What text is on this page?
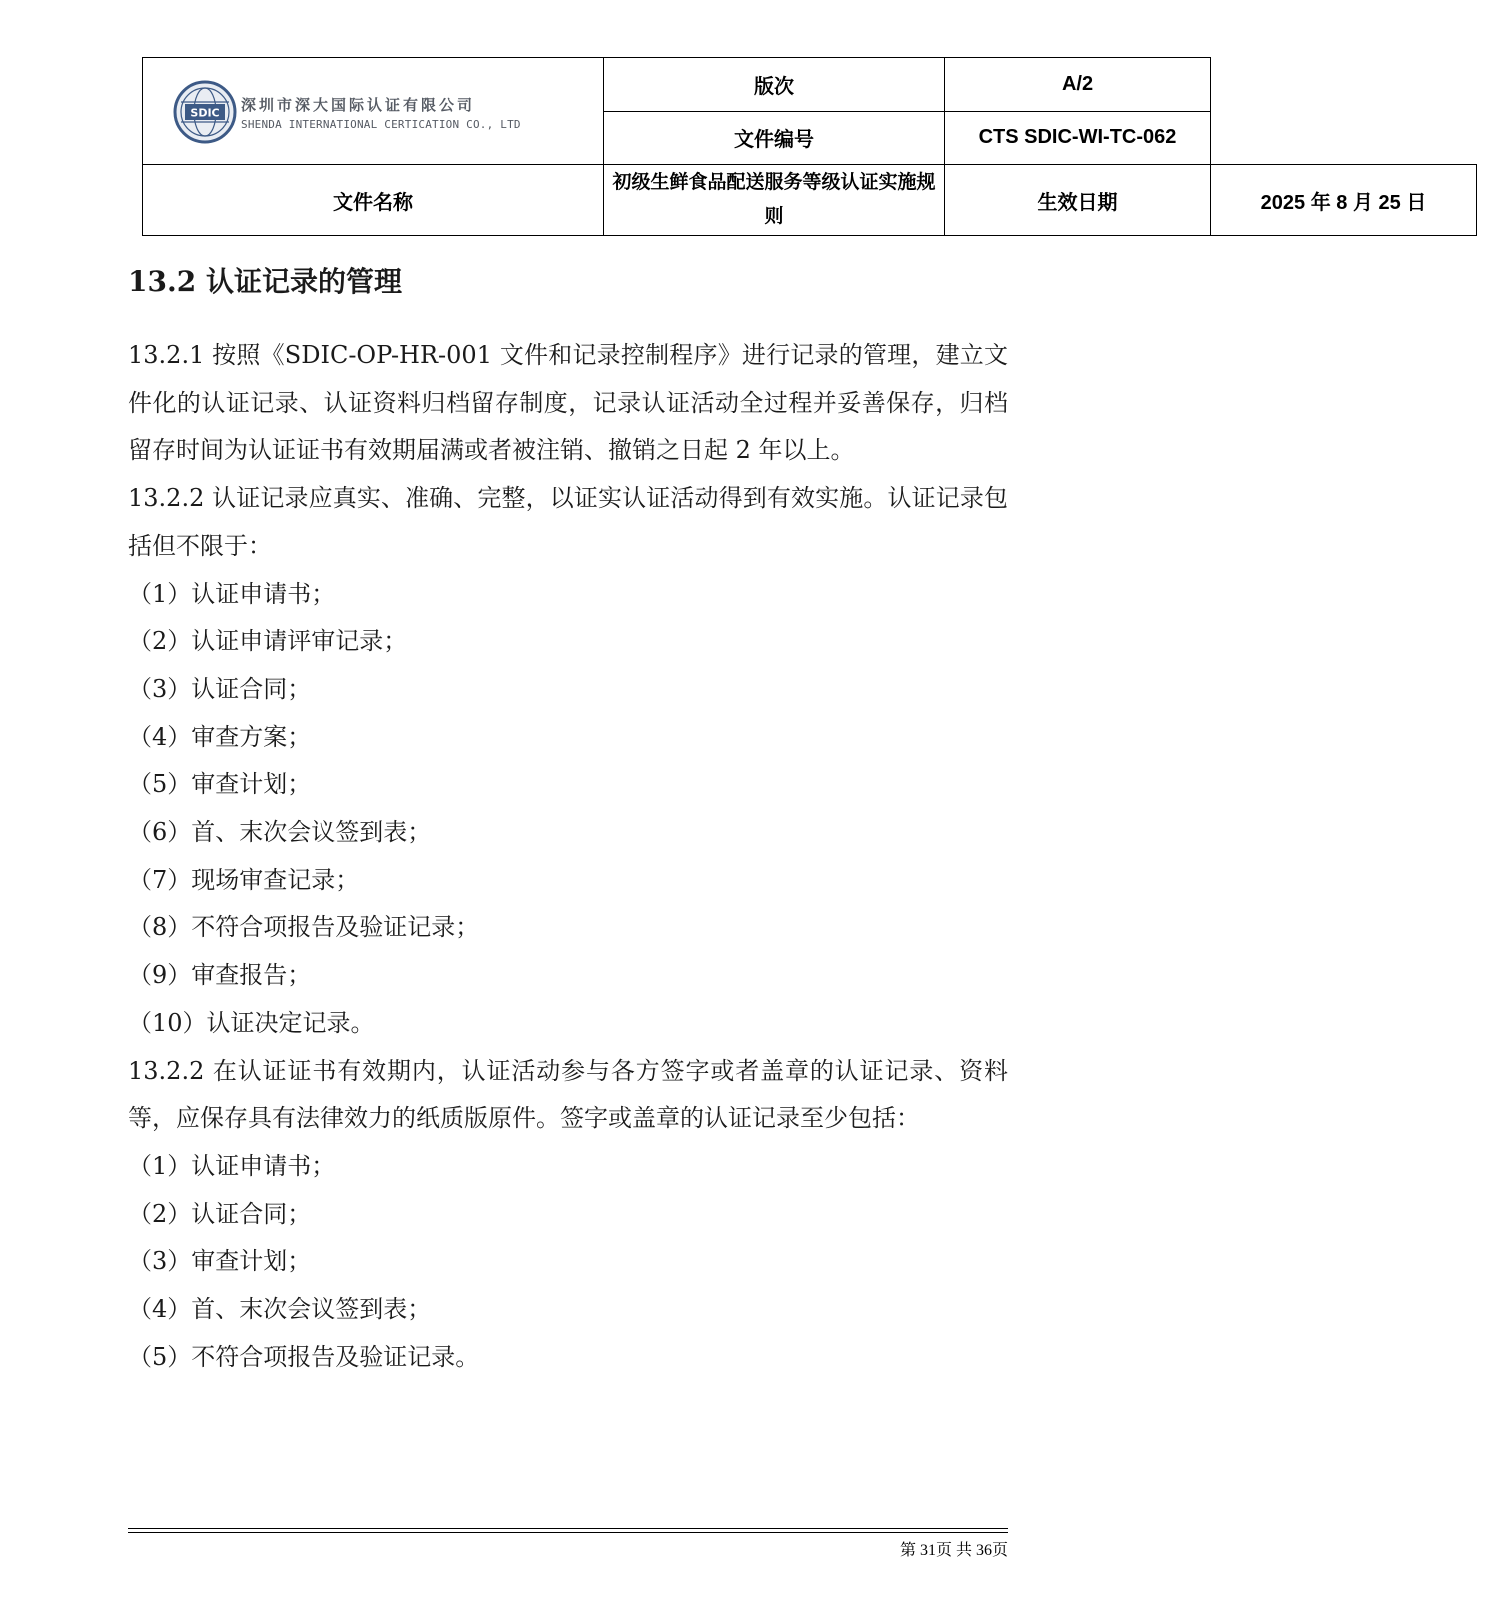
SDIC 深圳市深大国际认证有限公司
SHENDA INTERNATIONAL CERTICATION CO., LTD	版次	A/2	
	文件编号	CTS SDIC-WI-TC-062	
文件名称	初级生鲜食品配送服务等级认证实施规则	生效日期	2025 年 8 月 25 日
13.2 认证记录的管理

13.2.1 按照《SDIC-OP-HR-001 文件和记录控制程序》进行记录的管理，建立文件化的认证记录、认证资料归档留存制度，记录认证活动全过程并妥善保存，归档留存时间为认证证书有效期届满或者被注销、撤销之日起 2 年以上。

13.2.2 认证记录应真实、准确、完整，以证实认证活动得到有效实施。认证记录包括但不限于：

（1）认证申请书；

（2）认证申请评审记录；

（3）认证合同；

（4）审查方案；

（5）审查计划；

（6）首、末次会议签到表；

（7）现场审查记录；

（8）不符合项报告及验证记录；

（9）审查报告；

（10）认证决定记录。

13.2.2 在认证证书有效期内，认证活动参与各方签字或者盖章的认证记录、资料等，应保存具有法律效力的纸质版原件。签字或盖章的认证记录至少包括：

（1）认证申请书；

（2）认证合同；

（3）审查计划；

（4）首、末次会议签到表；

（5）不符合项报告及验证记录。

第 31页 共 36页
